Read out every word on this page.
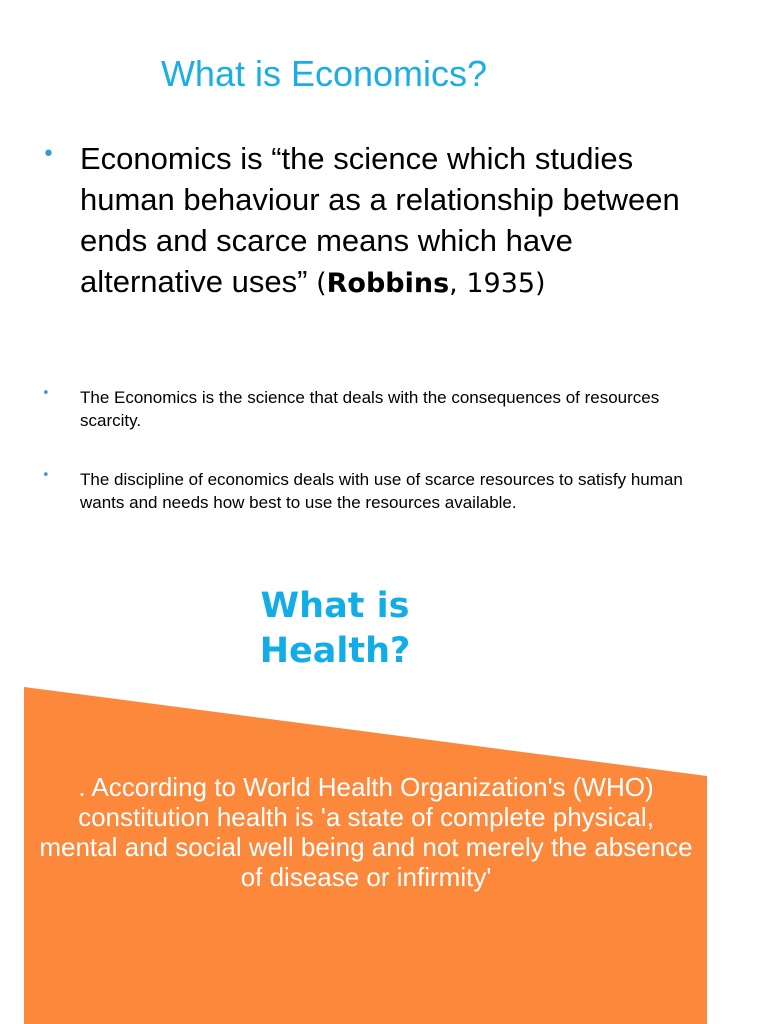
What is Economics?
• Economics is “the science which studies human behaviour as a relationship between ends and scarce means which have alternative uses” (Robbins, 1935)

• The Economics is the science that deals with the consequences of resources scarcity.

• The discipline of economics deals with use of scarce resources to satisfy human wants and needs how best to use the resources available.

What is
Health?

. According to World Health Organization's (WHO) constitution health is 'a state of complete physical, mental and social well being and not merely the absence of disease or infirmity'
